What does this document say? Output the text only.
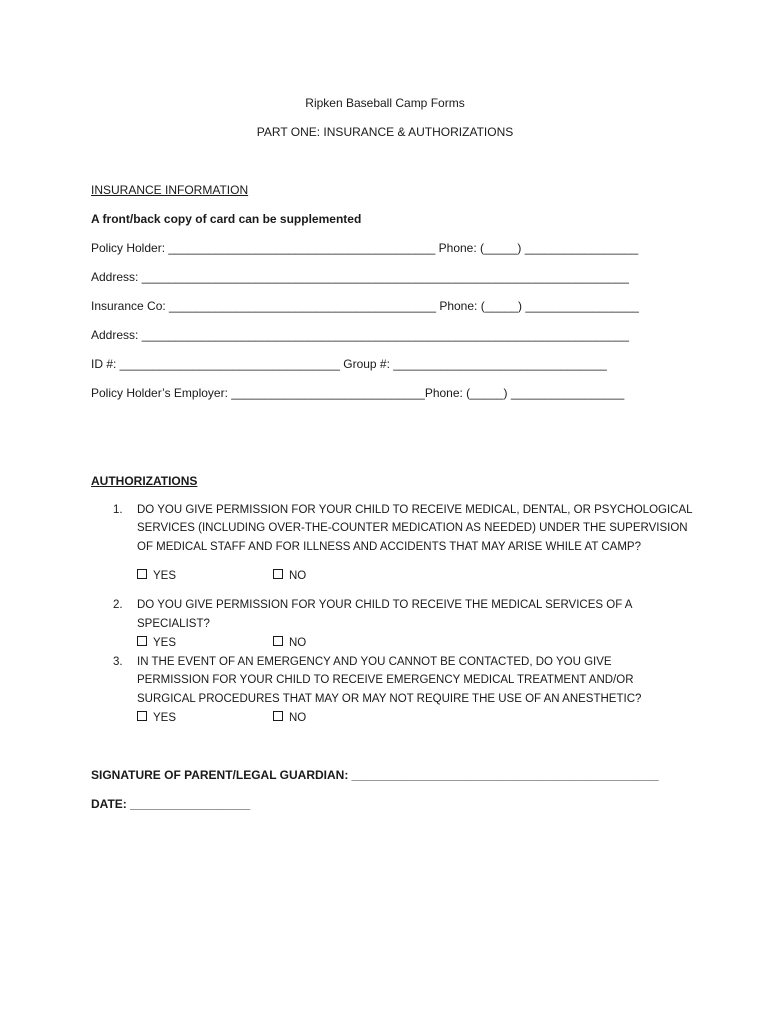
Ripken Baseball Camp Forms
PART ONE: INSURANCE & AUTHORIZATIONS
INSURANCE INFORMATION
A front/back copy of card can be supplemented
Policy Holder: ________________________________________ Phone: (_____) _________________
Address: _________________________________________________________________________
Insurance Co: ________________________________________ Phone: (_____) _________________
Address: _________________________________________________________________________
ID #: _________________________________ Group #: ________________________________
Policy Holder’s Employer: _____________________________Phone: (_____) _________________
AUTHORIZATIONS
1. DO YOU GIVE PERMISSION FOR YOUR CHILD TO RECEIVE MEDICAL, DENTAL, OR PSYCHOLOGICAL
SERVICES (INCLUDING OVER-THE-COUNTER MEDICATION AS NEEDED) UNDER THE SUPERVISION
OF MEDICAL STAFF AND FOR ILLNESS AND ACCIDENTS THAT MAY ARISE WHILE AT CAMP?
YES	NO
2. DO YOU GIVE PERMISSION FOR YOUR CHILD TO RECEIVE THE MEDICAL SERVICES OF A
SPECIALIST?
YES	NO
3. IN THE EVENT OF AN EMERGENCY AND YOU CANNOT BE CONTACTED, DO YOU GIVE
PERMISSION FOR YOUR CHILD TO RECEIVE EMERGENCY MEDICAL TREATMENT AND/OR
SURGICAL PROCEDURES THAT MAY OR MAY NOT REQUIRE THE USE OF AN ANESTHETIC?
YES	NO
SIGNATURE OF PARENT/LEGAL GUARDIAN: ______________________________________________
DATE: __________________
